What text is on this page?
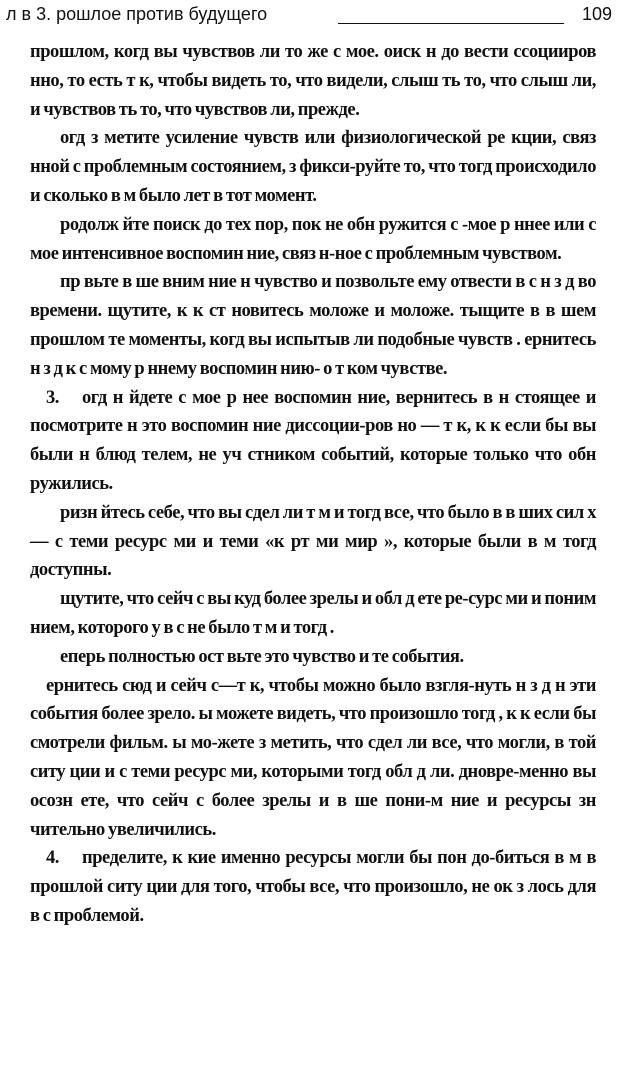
л в 3. рошлое против будущего	109

прошлом, когд вы чувствов ли то же с мое. оиск н до вести ссоцииров нно, то есть т к, чтобы видеть то, что видели, слыш ть то, что слыш ли, и чувствов ть то, что чувствов ли, прежде.

огд з метите усиление чувств или физиологической ре кции, связ нной с проблемным состоянием, з фикси-руйте то, что тогд происходило и сколько в м было лет в тот момент.

родолж йте поиск до тех пор, пок не обн ружится с -мое р ннее или с мое интенсивное воспомин ние, связ н-ное с проблемным чувством.

пр вьте в ше вним ние н чувство и позвольте ему отвести в с н з д во времени. щутите, к к ст новитесь моложе и моложе. тыщите в в шем прошлом те моменты, когд вы испытыв ли подобные чувств . ернитесь н з д к с мому р ннему воспомин нию- о т ком чувстве.

3. огд н йдете с мое р нее воспомин ние, вернитесь в н стоящее и посмотрите н это воспомин ние диссоции-ров но — т к, к к если бы вы были н блюд телем, не уч стником событий, которые только что обн ружились.

ризн йтесь себе, что вы сдел ли т м и тогд все, что было в в ших сил х — с теми ресурс ми и теми «к рт ми мир », которые были в м тогд доступны.

щутите, что сейч с вы куд более зрелы и обл д ете ре-сурс ми и поним нием, которого у в с не было т м и тогд .

еперь полностью ост вьте это чувство и те события.

ернитесь сюд и сейч с—т к, чтобы можно было взгля-нуть н з д н эти события более зрело. ы можете видеть, что произошло тогд , к к если бы смотрели фильм. ы мо-жете з метить, что сдел ли все, что могли, в той ситу ции и с теми ресурс ми, которыми тогд обл д ли. дновре-менно вы осозн ете, что сейч с более зрелы и в ше пони-м ние и ресурсы зн чительно увеличились.

4. пределите, к кие именно ресурсы могли бы пон до-биться в м в прошлой ситу ции для того, чтобы все, что произошло, не ок з лось для в с проблемой.
